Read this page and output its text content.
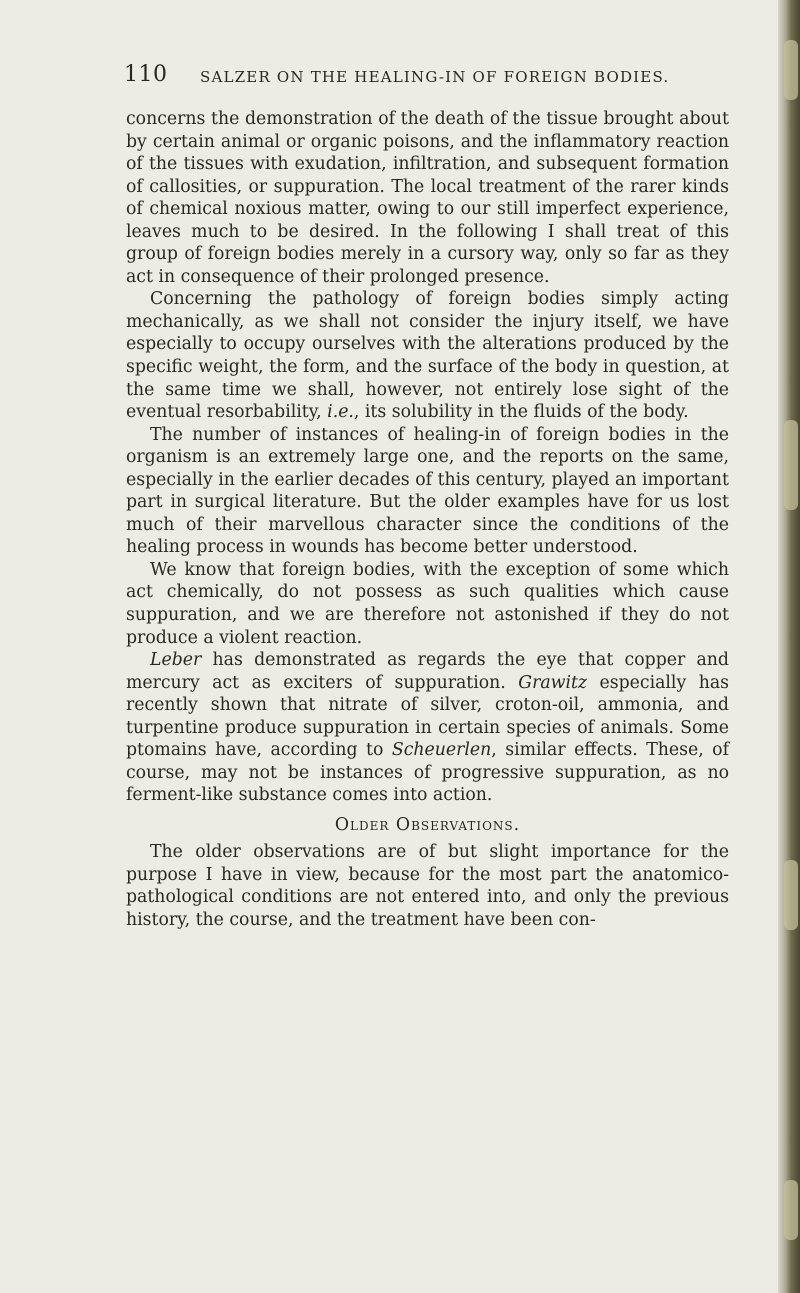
110 SALZER ON THE HEALING-IN OF FOREIGN BODIES.

concerns the demonstration of the death of the tissue brought about by certain animal or organic poisons, and the inflammatory reaction of the tissues with exudation, infiltration, and subsequent formation of callosities, or suppuration. The local treatment of the rarer kinds of chemical noxious matter, owing to our still imperfect experience, leaves much to be desired. In the following I shall treat of this group of foreign bodies merely in a cursory way, only so far as they act in consequence of their prolonged presence.

Concerning the pathology of foreign bodies simply acting mechanically, as we shall not consider the injury itself, we have especially to occupy ourselves with the alterations produced by the specific weight, the form, and the surface of the body in question, at the same time we shall, however, not entirely lose sight of the eventual resorbability, i.e., its solubility in the fluids of the body.

The number of instances of healing-in of foreign bodies in the organism is an extremely large one, and the reports on the same, especially in the earlier decades of this century, played an important part in surgical literature. But the older examples have for us lost much of their marvellous character since the conditions of the healing process in wounds has become better understood.

We know that foreign bodies, with the exception of some which act chemically, do not possess as such qualities which cause suppuration, and we are therefore not astonished if they do not produce a violent reaction.

Leber has demonstrated as regards the eye that copper and mercury act as exciters of suppuration. Grawitz especially has recently shown that nitrate of silver, croton-oil, ammonia, and turpentine produce suppuration in certain species of animals. Some ptomains have, according to Scheuerlen, similar effects. These, of course, may not be instances of progressive suppuration, as no ferment-like substance comes into action.

Older Observations.

The older observations are of but slight importance for the purpose I have in view, because for the most part the anatomico-pathological conditions are not entered into, and only the previous history, the course, and the treatment have been con-
